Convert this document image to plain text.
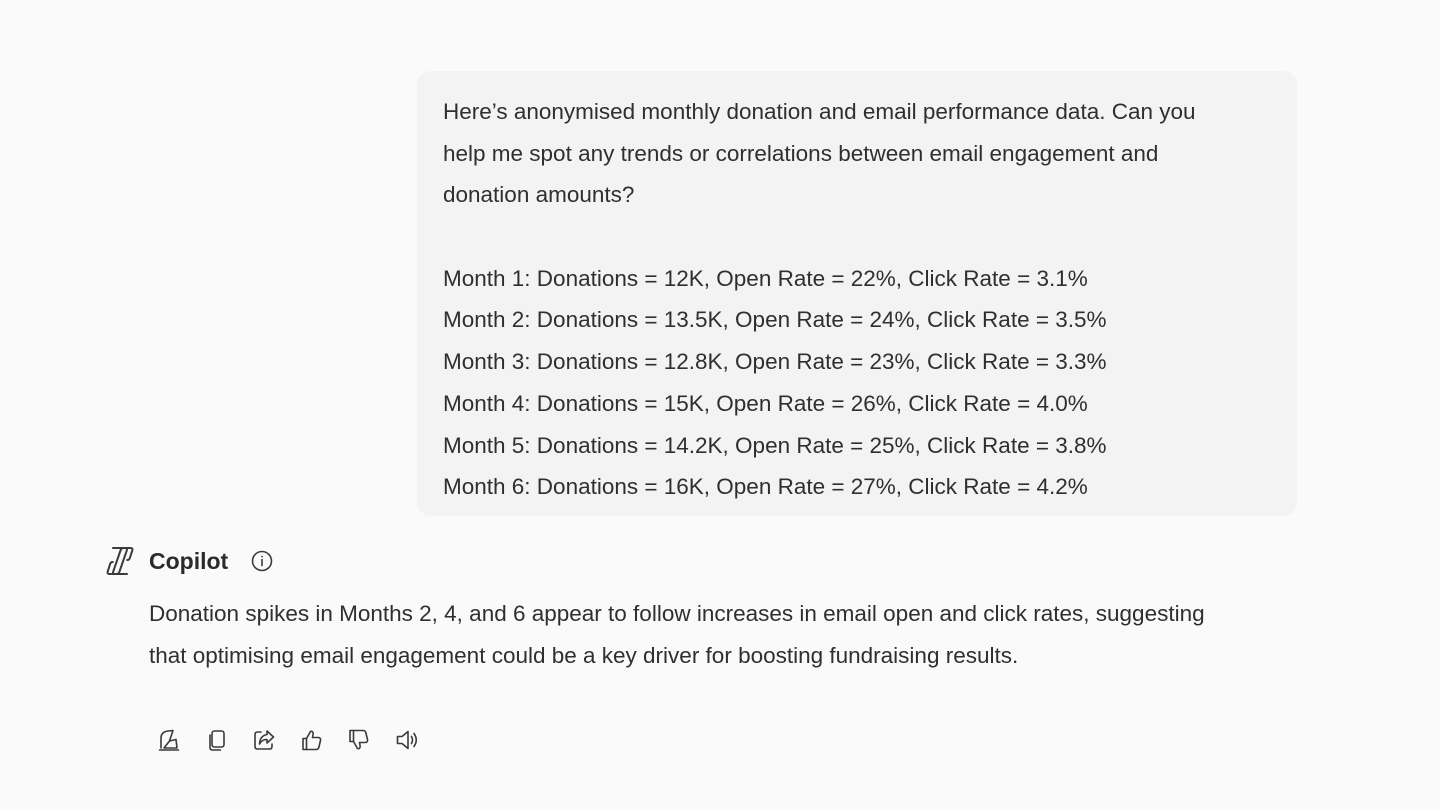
Here’s anonymised monthly donation and email performance data. Can you
help me spot any trends or correlations between email engagement and
donation amounts?
Month 1: Donations = 12K, Open Rate = 22%, Click Rate = 3.1%
Month 2: Donations = 13.5K, Open Rate = 24%, Click Rate = 3.5%
Month 3: Donations = 12.8K, Open Rate = 23%, Click Rate = 3.3%
Month 4: Donations = 15K, Open Rate = 26%, Click Rate = 4.0%
Month 5: Donations = 14.2K, Open Rate = 25%, Click Rate = 3.8%
Month 6: Donations = 16K, Open Rate = 27%, Click Rate = 4.2%
Copilot
Donation spikes in Months 2, 4, and 6 appear to follow increases in email open and click rates, suggesting
that optimising email engagement could be a key driver for boosting fundraising results.
